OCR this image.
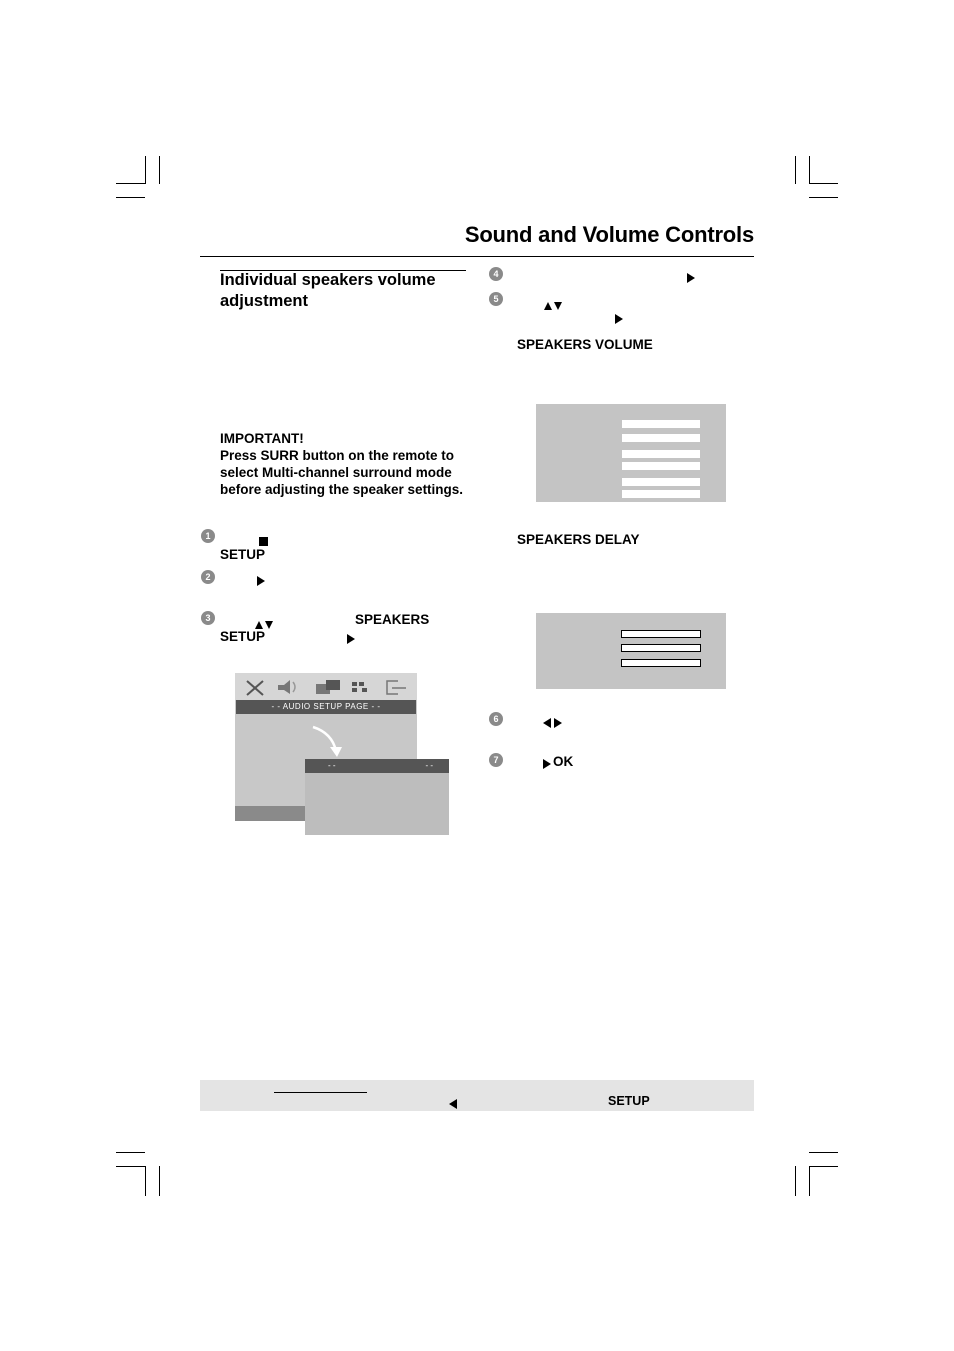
Sound and Volume Controls
Individual speakers volume adjustment
IMPORTANT!
Press SURR button on the remote to select Multi-channel surround mode before adjusting the speaker settings.
1
SETUP
2
3	SPEAKERS
SETUP
- - AUDIO SETUP PAGE - -
- -	- -
4
5
SPEAKERS VOLUME
SPEAKERS DELAY
6
7	OK
SETUP
